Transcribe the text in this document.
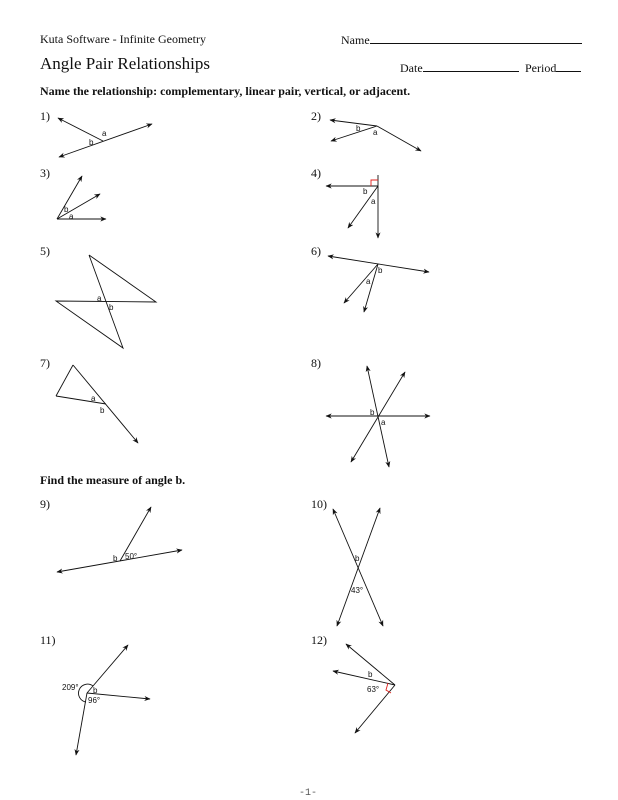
Kuta Software - Infinite Geometry	Name
Angle Pair Relationships	Date	Period
Name the relationship: complementary, linear pair, vertical, or adjacent.
Find the measure of angle b.
1)	2)
3)	4)
5)	6)
7)	8)
9)	10)
11)	12)
a
b
b a
b
a
b
a
a
b
b
a
a
b	b
a
b 50°	b
43°
209° b
96°
b
63°
-1-
